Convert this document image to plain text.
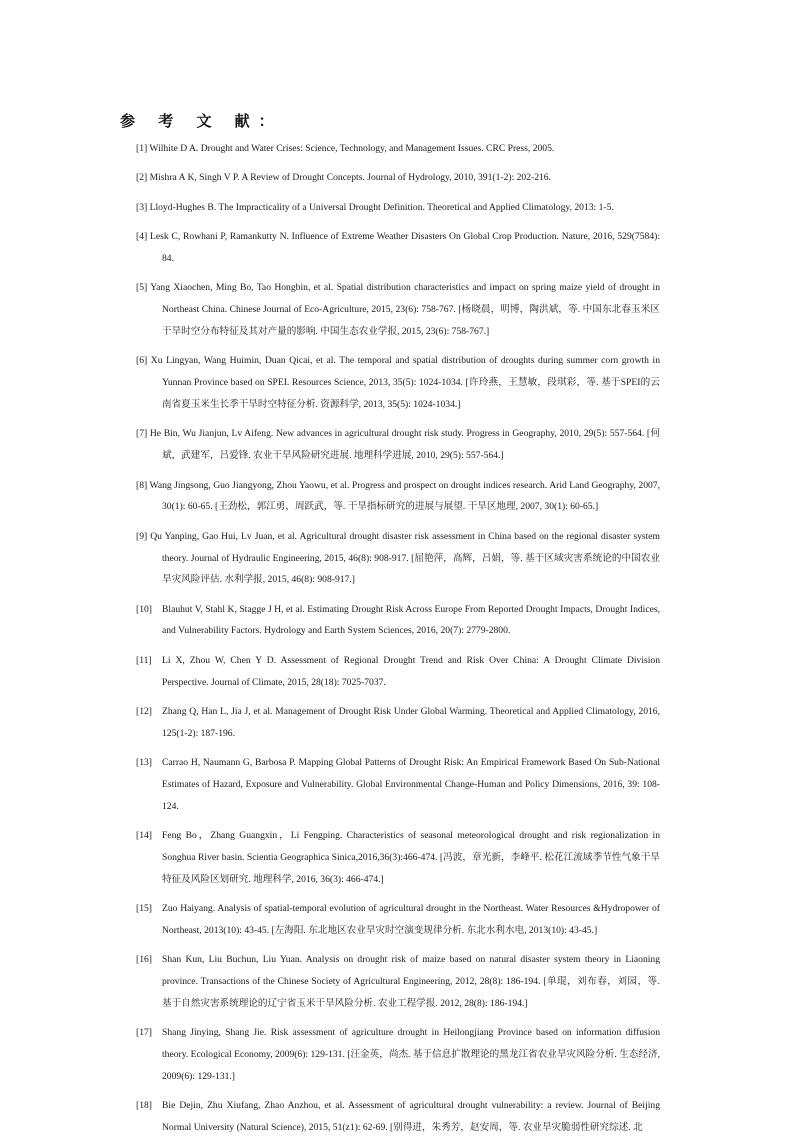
参 考 文 献：
[1] Wilhite D A. Drought and Water Crises: Science, Technology, and Management Issues. CRC Press, 2005.
[2] Mishra A K, Singh V P. A Review of Drought Concepts. Journal of Hydrology, 2010, 391(1-2): 202-216.
[3] Lloyd-Hughes B. The Impracticality of a Universal Drought Definition. Theoretical and Applied Climatology, 2013: 1-5.
[4] Lesk C, Rowhani P, Ramankutty N. Influence of Extreme Weather Disasters On Global Crop Production. Nature, 2016, 529(7584): 84.
[5] Yang Xiaochen, Ming Bo, Tao Hongbin, et al. Spatial distribution characteristics and impact on spring maize yield of drought in Northeast China. Chinese Journal of Eco-Agriculture, 2015, 23(6): 758-767. [杨晓晨，明博，陶洪斌，等. 中国东北春玉米区干旱时空分布特征及其对产量的影响. 中国生态农业学报, 2015, 23(6): 758-767.]
[6] Xu Lingyan, Wang Huimin, Duan Qicai, et al. The temporal and spatial distribution of droughts during summer corn growth in Yunnan Province based on SPEI. Resources Science, 2013, 35(5): 1024-1034. [许玲燕，王慧敏，段琪彩，等. 基于SPEI的云南省夏玉米生长季干旱时空特征分析. 资源科学, 2013, 35(5): 1024-1034.]
[7] He Bin, Wu Jianjun, Lv Aifeng. New advances in agricultural drought risk study. Progress in Geography, 2010, 29(5): 557-564. [何斌，武建军，吕爱锋. 农业干旱风险研究进展. 地理科学进展, 2010, 29(5): 557-564.]
[8] Wang Jingsong, Guo Jiangyong, Zhou Yaowu, et al. Progress and prospect on drought indices research. Arid Land Geography, 2007, 30(1): 60-65. [王劲松，郭江勇，周跃武，等. 干旱指标研究的进展与展望. 干旱区地理, 2007, 30(1): 60-65.]
[9] Qu Yanping, Gao Hui, Lv Juan, et al. Agricultural drought disaster risk assessment in China based on the regional disaster system theory. Journal of Hydraulic Engineering, 2015, 46(8): 908-917. [屈艳萍，高辉，吕娟，等. 基于区域灾害系统论的中国农业旱灾风险评估. 水利学报, 2015, 46(8): 908-917.]
[10] Blauhut V, Stahl K, Stagge J H, et al. Estimating Drought Risk Across Europe From Reported Drought Impacts, Drought Indices, and Vulnerability Factors. Hydrology and Earth System Sciences, 2016, 20(7): 2779-2800.
[11] Li X, Zhou W, Chen Y D. Assessment of Regional Drought Trend and Risk Over China: A Drought Climate Division Perspective. Journal of Climate, 2015, 28(18): 7025-7037.
[12] Zhang Q, Han L, Jia J, et al. Management of Drought Risk Under Global Warming. Theoretical and Applied Climatology, 2016, 125(1-2): 187-196.
[13] Carrao H, Naumann G, Barbosa P. Mapping Global Patterns of Drought Risk: An Empirical Framework Based On Sub-National Estimates of Hazard, Exposure and Vulnerability. Global Environmental Change-Human and Policy Dimensions, 2016, 39: 108-124.
[14] Feng Bo，Zhang Guangxin，Li Fengping. Characteristics of seasonal meteorological drought and risk regionalization in Songhua River basin. Scientia Geographica Sinica,2016,36(3):466-474. [冯波，章光新，李峰平. 松花江流域季节性气象干旱特征及风险区划研究. 地理科学, 2016, 36(3): 466-474.]
[15] Zuo Haiyang. Analysis of spatial-temporal evolution of agricultural drought in the Northeast. Water Resources &Hydropower of Northeast, 2013(10): 43-45. [左海阳. 东北地区农业旱灾时空演变规律分析. 东北水利水电, 2013(10): 43-45.]
[16] Shan Kun, Liu Buchun, Liu Yuan. Analysis on drought risk of maize based on natural disaster system theory in Liaoning province. Transactions of the Chinese Society of Agricultural Engineering, 2012, 28(8): 186-194. [单琨，刘布春，刘园，等. 基于自然灾害系统理论的辽宁省玉米干旱风险分析. 农业工程学报. 2012, 28(8): 186-194.]
[17] Shang Jinying, Shang Jie. Risk assessment of agriculture drought in Heilongjiang Province based on information diffusion theory. Ecological Economy, 2009(6): 129-131. [汪金英，尚杰. 基于信息扩散理论的黑龙江省农业旱灾风险分析. 生态经济, 2009(6): 129-131.]
[18] Bie Dejin, Zhu Xiufang, Zhao Anzhou, et al. Assessment of agricultural drought vulnerability: a review. Journal of Beijing Normal University (Natural Science), 2015, 51(z1): 62-69. [别得进，朱秀芳，赵安周，等. 农业旱灾脆弱性研究综述. 北
